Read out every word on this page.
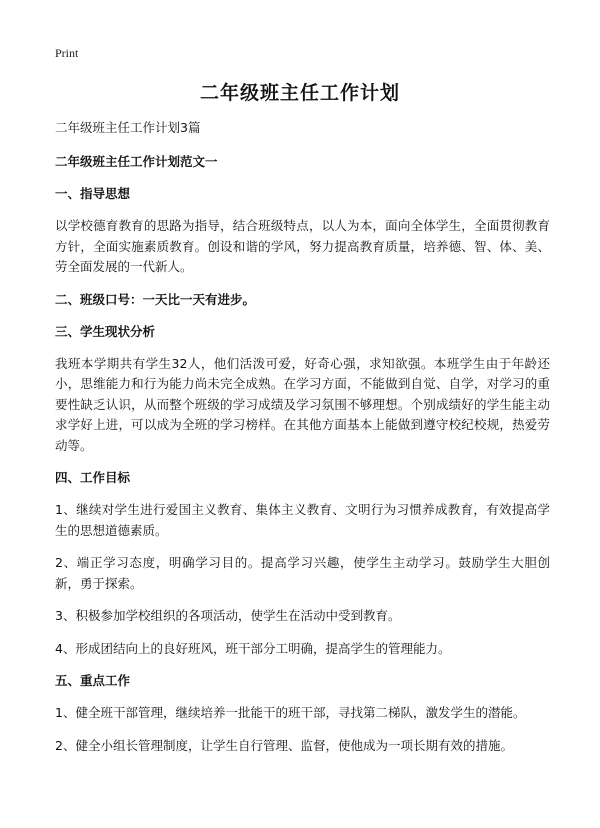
Print
二年级班主任工作计划
二年级班主任工作计划3篇
二年级班主任工作计划范文一
一、指导思想
以学校德育教育的思路为指导，结合班级特点，以人为本，面向全体学生，全面贯彻教育方针，全面实施素质教育。创设和谐的学风，努力提高教育质量，培养德、智、体、美、劳全面发展的一代新人。
二、班级口号：一天比一天有进步。
三、学生现状分析
我班本学期共有学生32人，他们活泼可爱，好奇心强，求知欲强。本班学生由于年龄还小，思维能力和行为能力尚未完全成熟。在学习方面，不能做到自觉、自学，对学习的重要性缺乏认识，从而整个班级的学习成绩及学习氛围不够理想。个别成绩好的学生能主动求学好上进，可以成为全班的学习榜样。在其他方面基本上能做到遵守校纪校规，热爱劳动等。
四、工作目标
1、继续对学生进行爱国主义教育、集体主义教育、文明行为习惯养成教育，有效提高学生的思想道德素质。
2、端正学习态度，明确学习目的。提高学习兴趣，使学生主动学习。鼓励学生大胆创新，勇于探索。
3、积极参加学校组织的各项活动，使学生在活动中受到教育。
4、形成团结向上的良好班风，班干部分工明确，提高学生的管理能力。
五、重点工作
1、健全班干部管理，继续培养一批能干的班干部，寻找第二梯队，激发学生的潜能。
2、健全小组长管理制度，让学生自行管理、监督，使他成为一项长期有效的措施。
